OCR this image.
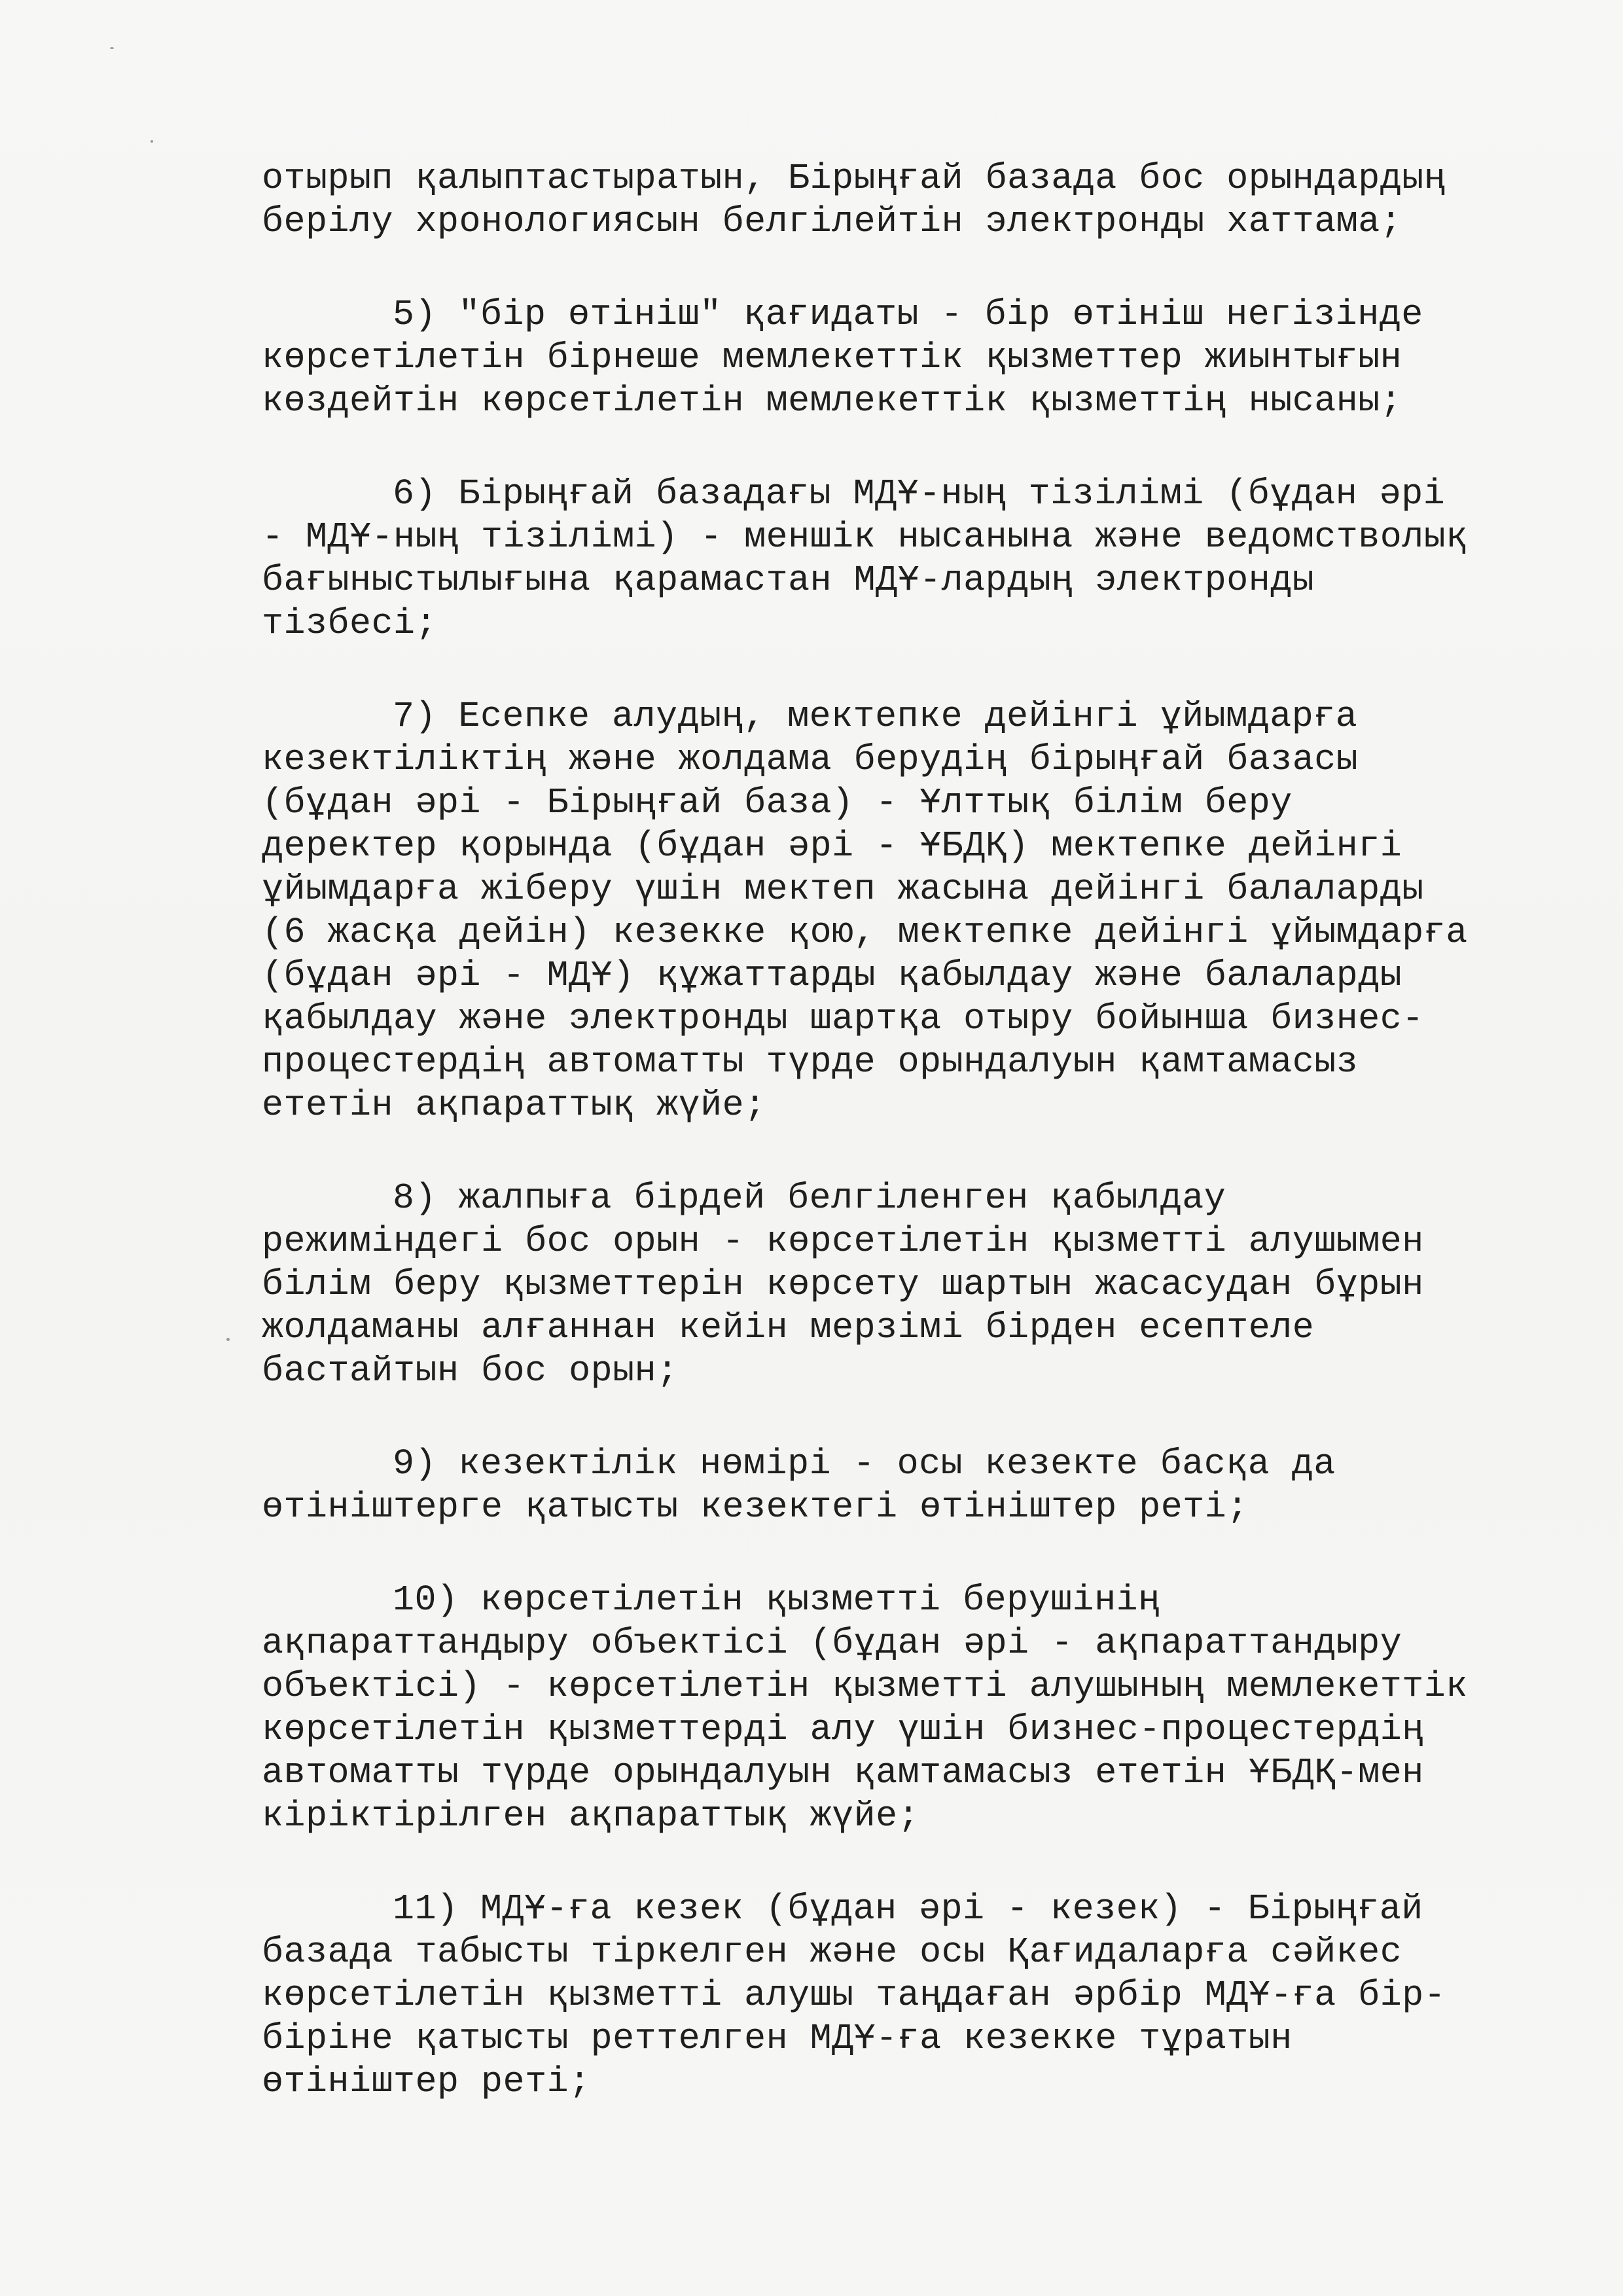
отырып қалыптастыратын, Бірыңғай базада бос орындардың
берілу хронологиясын белгілейтін электронды хаттама;

5) "бір өтініш" қағидаты - бір өтініш негізінде
көрсетілетін бірнеше мемлекеттік қызметтер жиынтығын
көздейтін көрсетілетін мемлекеттік қызметтің нысаны;

6) Бірыңғай базадағы МДҰ-ның тізілімі (бұдан әрі
- МДҰ-ның тізілімі) - меншік нысанына және ведомстволық
бағыныстылығына қарамастан МДҰ-лардың электронды
тізбесі;

7) Есепке алудың, мектепке дейінгі ұйымдарға
кезектіліктің және жолдама берудің бірыңғай базасы
(бұдан әрі - Бірыңғай база) - Ұлттық білім беру
деректер қорында (бұдан әрі - ҰБДҚ) мектепке дейінгі
ұйымдарға жіберу үшін мектеп жасына дейінгі балаларды
(6 жасқа дейін) кезекке қою, мектепке дейінгі ұйымдарға
(бұдан әрі - МДҰ) құжаттарды қабылдау және балаларды
қабылдау және электронды шартқа отыру бойынша бизнес-
процестердің автоматты түрде орындалуын қамтамасыз
ететін ақпараттық жүйе;

8) жалпыға бірдей белгіленген қабылдау
режиміндегі бос орын - көрсетілетін қызметті алушымен
білім беру қызметтерін көрсету шартын жасасудан бұрын
жолдаманы алғаннан кейін мерзімі бірден есептеле
бастайтын бос орын;

9) кезектілік нөмірі - осы кезекте басқа да
өтініштерге қатысты кезектегі өтініштер реті;

10) көрсетілетін қызметті берушінің
ақпараттандыру объектісі (бұдан әрі - ақпараттандыру
объектісі) - көрсетілетін қызметті алушының мемлекеттік
көрсетілетін қызметтерді алу үшін бизнес-процестердің
автоматты түрде орындалуын қамтамасыз ететін ҰБДҚ-мен
кіріктірілген ақпараттық жүйе;

11) МДҰ-ға кезек (бұдан әрі - кезек) - Бірыңғай
базада табысты тіркелген және осы Қағидаларға сәйкес
көрсетілетін қызметті алушы таңдаған әрбір МДҰ-ға бір-
біріне қатысты реттелген МДҰ-ға кезекке тұратын
өтініштер реті;
